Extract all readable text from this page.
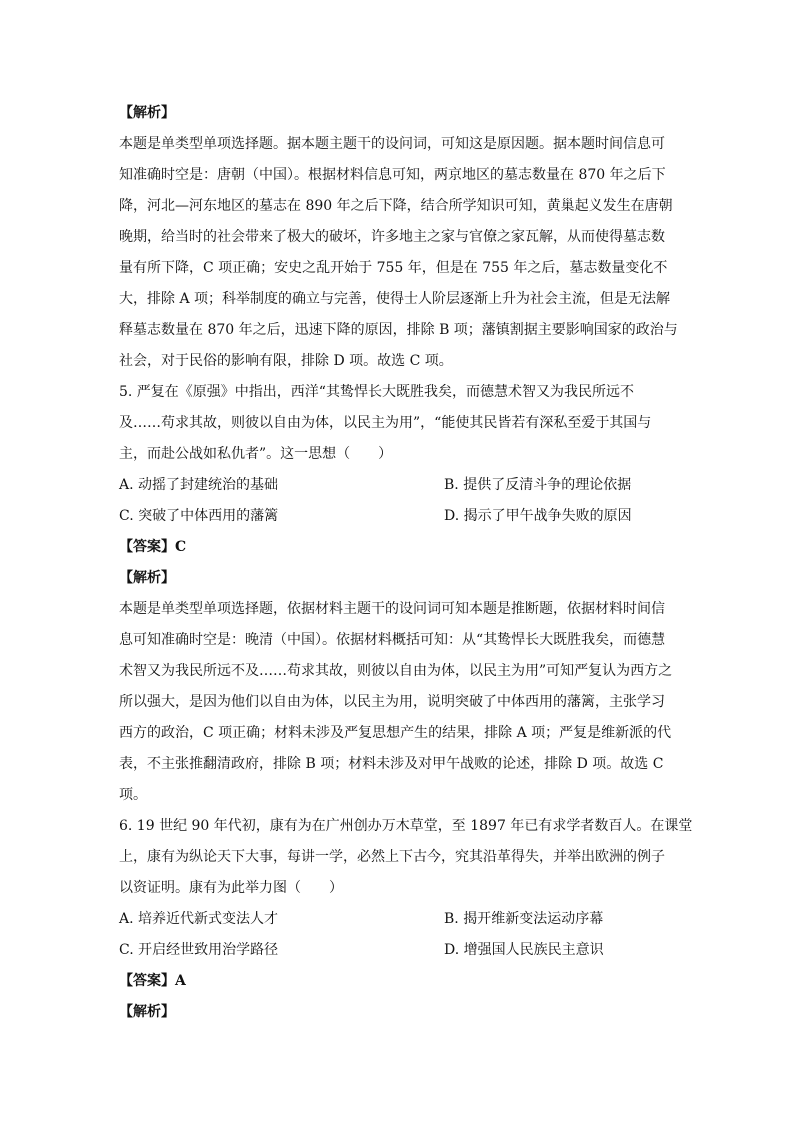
【解析】
本题是单类型单项选择题。据本题主题干的设问词，可知这是原因题。据本题时间信息可
知准确时空是：唐朝（中国）。根据材料信息可知，两京地区的墓志数量在 870 年之后下
降，河北—河东地区的墓志在 890 年之后下降，结合所学知识可知，黄巢起义发生在唐朝
晚期，给当时的社会带来了极大的破坏，许多地主之家与官僚之家瓦解，从而使得墓志数
量有所下降，C 项正确；安史之乱开始于 755 年，但是在 755 年之后，墓志数量变化不
大，排除 A 项；科举制度的确立与完善，使得士人阶层逐渐上升为社会主流，但是无法解
释墓志数量在 870 年之后，迅速下降的原因，排除 B 项；藩镇割据主要影响国家的政治与
社会，对于民俗的影响有限，排除 D 项。故选 C 项。
5. 严复在《原强》中指出，西洋“其鸷悍长大既胜我矣，而德慧术智又为我民所远不
及……苟求其故，则彼以自由为体，以民主为用”，“能使其民皆若有深私至爱于其国与
主，而赴公战如私仇者”。这一思想（　　）
A. 动摇了封建统治的基础	B. 提供了反清斗争的理论依据
C. 突破了中体西用的藩篱	D. 揭示了甲午战争失败的原因
【答案】C
【解析】
本题是单类型单项选择题，依据材料主题干的设问词可知本题是推断题，依据材料时间信
息可知准确时空是：晚清（中国）。依据材料概括可知：从“其鸷悍长大既胜我矣，而德慧
术智又为我民所远不及……苟求其故，则彼以自由为体，以民主为用”可知严复认为西方之
所以强大，是因为他们以自由为体，以民主为用，说明突破了中体西用的藩篱，主张学习
西方的政治，C 项正确；材料未涉及严复思想产生的结果，排除 A 项；严复是维新派的代
表，不主张推翻清政府，排除 B 项；材料未涉及对甲午战败的论述，排除 D 项。故选 C
项。
6. 19 世纪 90 年代初，康有为在广州创办万木草堂，至 1897 年已有求学者数百人。在课堂
上，康有为纵论天下大事，每讲一学，必然上下古今，究其沿革得失，并举出欧洲的例子
以资证明。康有为此举力图（　　）
A. 培养近代新式变法人才	B. 揭开维新变法运动序幕
C. 开启经世致用治学路径	D. 增强国人民族民主意识
【答案】A
【解析】
